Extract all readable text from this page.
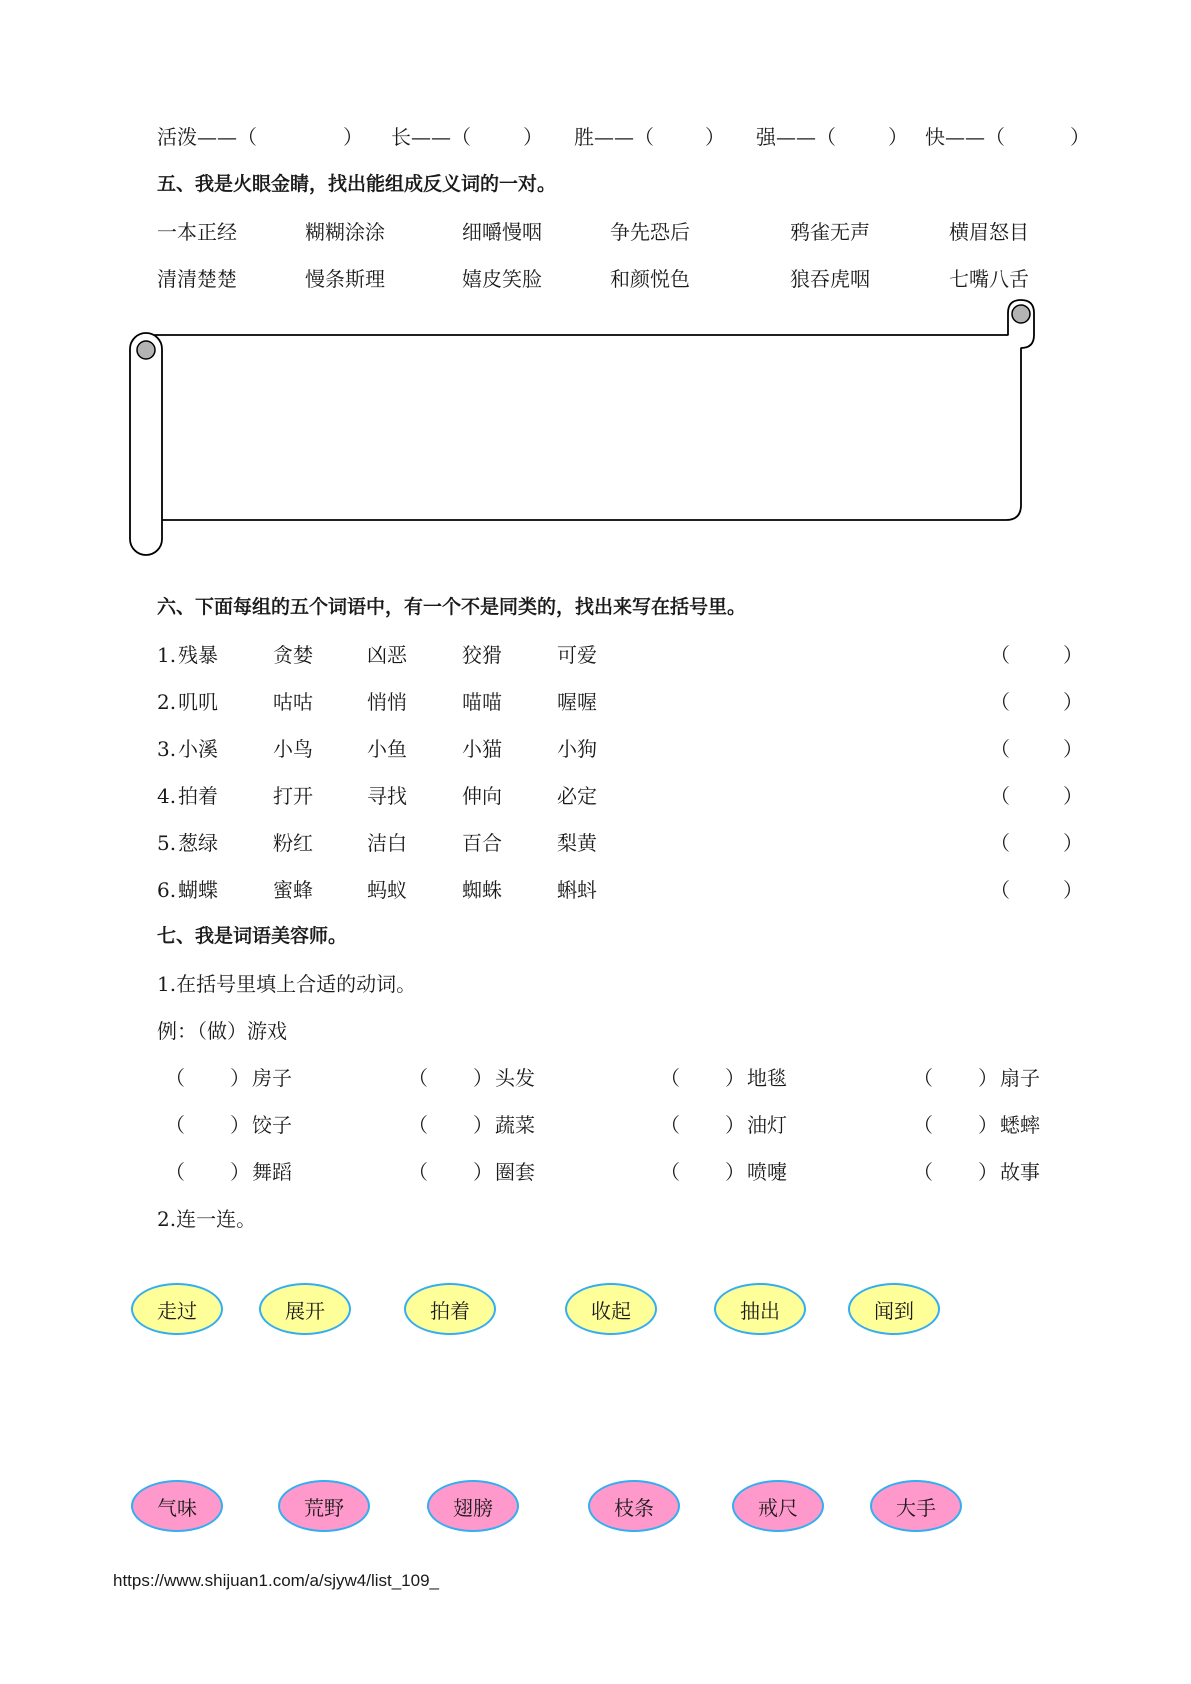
活泼——（	） 长——（	） 胜——（	） 强——（	） 快——（	）
五、我是火眼金睛，找出能组成反义词的一对。
一本正经	糊糊涂涂	细嚼慢咽	争先恐后	鸦雀无声	横眉怒目
清清楚楚	慢条斯理	嬉皮笑脸	和颜悦色	狼吞虎咽	七嘴八舌
六、下面每组的五个词语中，有一个不是同类的，找出来写在括号里。
1. 残暴	贪婪	凶恶	狡猾	可爱	（	）
2. 叽叽	咕咕	悄悄	喵喵	喔喔	（	）
3. 小溪	小鸟	小鱼	小猫	小狗	（	）
4. 拍着	打开	寻找	伸向	必定	（	）
5. 葱绿	粉红	洁白	百合	梨黄	（	）
6. 蝴蝶	蜜蜂	蚂蚁	蜘蛛	蝌蚪	（	）
七、我是词语美容师。
1.在括号里填上合适的动词。
例：（做）游戏
（ ） 房子	（ ） 头发	（ ） 地毯	（ ） 扇子
（ ） 饺子	（ ） 蔬菜	（ ） 油灯	（ ） 蟋蟀
（ ） 舞蹈	（ ） 圈套	（ ） 喷嚏	（ ） 故事
2.连一连。
走过	展开	拍着	收起	抽出	闻到
气味	荒野	翅膀	枝条	戒尺	大手
https://www.shijuan1.com/a/sjyw4/list_109_
